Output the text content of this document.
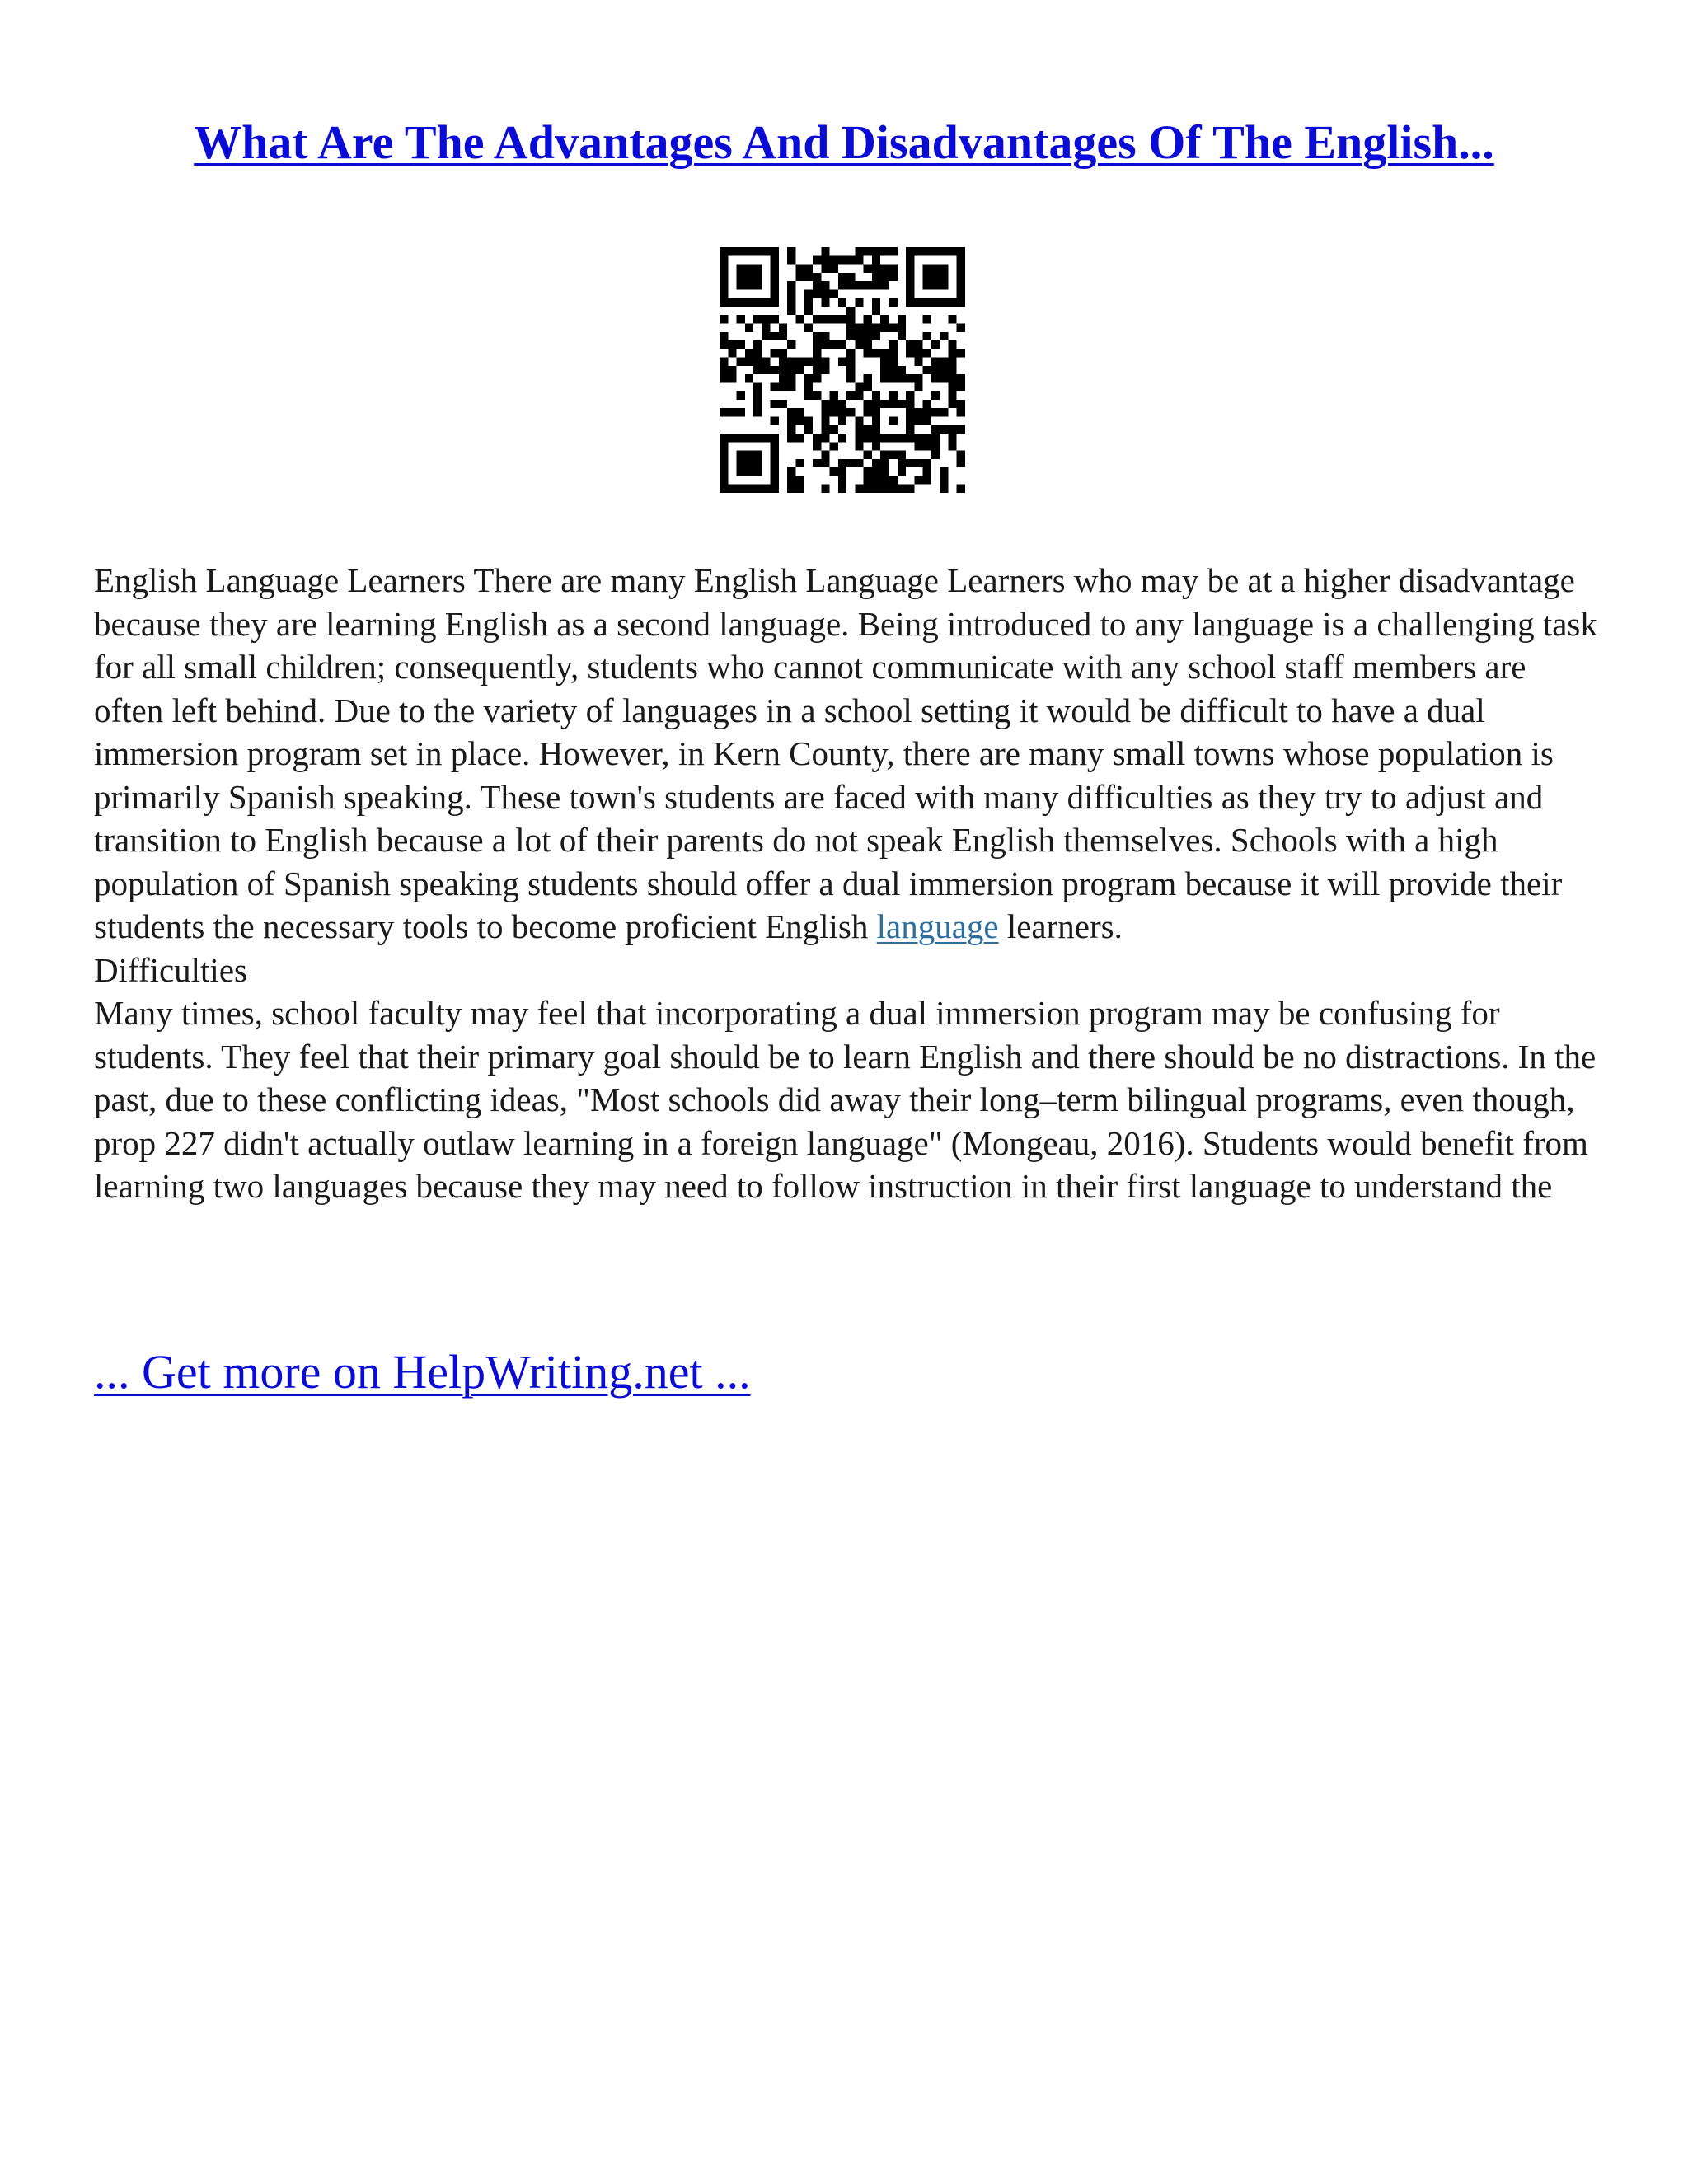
What Are The Advantages And Disadvantages Of The English...

English Language Learners There are many English Language Learners who may be at a higher disadvantage because they are learning English as a second language. Being introduced to any language is a challenging task for all small children; consequently, students who cannot communicate with any school staff members are often left behind. Due to the variety of languages in a school setting it would be difficult to have a dual immersion program set in place. However, in Kern County, there are many small towns whose population is primarily Spanish speaking. These town's students are faced with many difficulties as they try to adjust and transition to English because a lot of their parents do not speak English themselves. Schools with a high population of Spanish speaking students should offer a dual immersion program because it will provide their students the necessary tools to become proficient English language learners.

Difficulties

Many times, school faculty may feel that incorporating a dual immersion program may be confusing for students. They feel that their primary goal should be to learn English and there should be no distractions. In the past, due to these conflicting ideas, "Most schools did away their long–term bilingual programs, even though, prop 227 didn't actually outlaw learning in a foreign language" (Mongeau, 2016). Students would benefit from learning two languages because they may need to follow instruction in their first language to understand the

... Get more on HelpWriting.net ...
